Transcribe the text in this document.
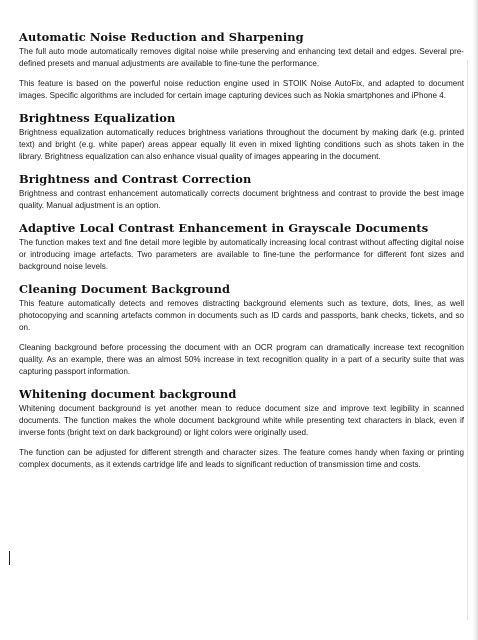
Automatic Noise Reduction and Sharpening

The full auto mode automatically removes digital noise while preserving and enhancing text detail and edges. Several pre-defined presets and manual adjustments are available to fine-tune the performance.

This feature is based on the powerful noise reduction engine used in STOIK Noise AutoFix, and adapted to document images. Specific algorithms are included for certain image capturing devices such as Nokia smartphones and iPhone 4.

Brightness Equalization

Brightness equalization automatically reduces brightness variations throughout the document by making dark (e.g. printed text) and bright (e.g. white paper) areas appear equally lit even in mixed lighting conditions such as shots taken in the library. Brightness equalization can also enhance visual quality of images appearing in the document.

Brightness and Contrast Correction

Brightness and contrast enhancement automatically corrects document brightness and contrast to provide the best image quality. Manual adjustment is an option.

Adaptive Local Contrast Enhancement in Grayscale Documents

The function makes text and fine detail more legible by automatically increasing local contrast without affecting digital noise or introducing image artefacts. Two parameters are available to fine-tune the performance for different font sizes and background noise levels.

Cleaning Document Background

This feature automatically detects and removes distracting background elements such as texture, dots, lines, as well photocopying and scanning artefacts common in documents such as ID cards and passports, bank checks, tickets, and so on.

Cleaning background before processing the document with an OCR program can dramatically increase text recognition quality. As an example, there was an almost 50% increase in text recognition quality in a part of a security suite that was capturing passport information.

Whitening document background

Whitening document background is yet another mean to reduce document size and improve text legibility in scanned documents. The function makes the whole document background white while presenting text characters in black, even if inverse fonts (bright text on dark background) or light colors were originally used.

The function can be adjusted for different strength and character sizes. The feature comes handy when faxing or printing complex documents, as it extends cartridge life and leads to significant reduction of transmission time and costs.
